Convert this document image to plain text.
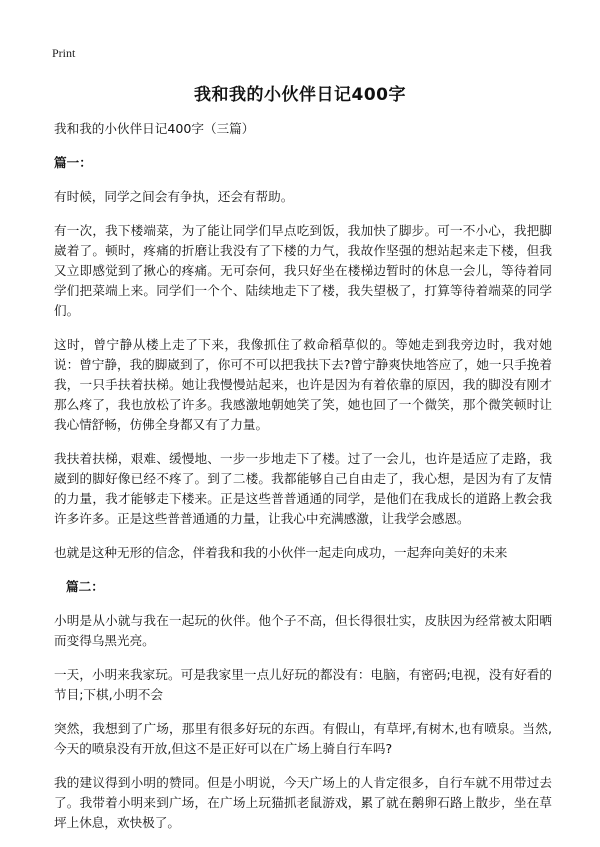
Print
我和我的小伙伴日记400字
我和我的小伙伴日记400字（三篇）
篇一：

有时候，同学之间会有争执，还会有帮助。

有一次，我下楼端菜，为了能让同学们早点吃到饭，我加快了脚步。可一不小心，我把脚崴着了。顿时，疼痛的折磨让我没有了下楼的力气，我故作坚强的想站起来走下楼，但我又立即感觉到了揪心的疼痛。无可奈何，我只好坐在楼梯边暂时的休息一会儿，等待着同学们把菜端上来。同学们一个个、陆续地走下了楼，我失望极了，打算等待着端菜的同学们。

这时，曾宁静从楼上走了下来，我像抓住了救命稻草似的。等她走到我旁边时，我对她说：曾宁静，我的脚崴到了，你可不可以把我扶下去?曾宁静爽快地答应了，她一只手挽着我，一只手扶着扶梯。她让我慢慢站起来，也许是因为有着依靠的原因，我的脚没有刚才那么疼了，我也放松了许多。我感激地朝她笑了笑，她也回了一个微笑，那个微笑顿时让我心情舒畅，仿佛全身都又有了力量。

我扶着扶梯，艰难、缓慢地、一步一步地走下了楼。过了一会儿，也许是适应了走路，我崴到的脚好像已经不疼了。到了二楼。我都能够自己自由走了，我心想，是因为有了友情的力量，我才能够走下楼来。正是这些普普通通的同学，是他们在我成长的道路上教会我许多许多。正是这些普普通通的力量，让我心中充满感激，让我学会感恩。

也就是这种无形的信念，伴着我和我的小伙伴一起走向成功，一起奔向美好的未来

篇二：

小明是从小就与我在一起玩的伙伴。他个子不高，但长得很壮实，皮肤因为经常被太阳晒而变得乌黑光亮。

一天，小明来我家玩。可是我家里一点儿好玩的都没有：电脑，有密码;电视，没有好看的节目;下棋,小明不会

突然，我想到了广场，那里有很多好玩的东西。有假山，有草坪,有树木,也有喷泉。当然,今天的喷泉没有开放,但这不是正好可以在广场上骑自行车吗?

我的建议得到小明的赞同。但是小明说，今天广场上的人肯定很多，自行车就不用带过去了。我带着小明来到广场，在广场上玩猫抓老鼠游戏，累了就在鹅卵石路上散步，坐在草坪上休息，欢快极了。
